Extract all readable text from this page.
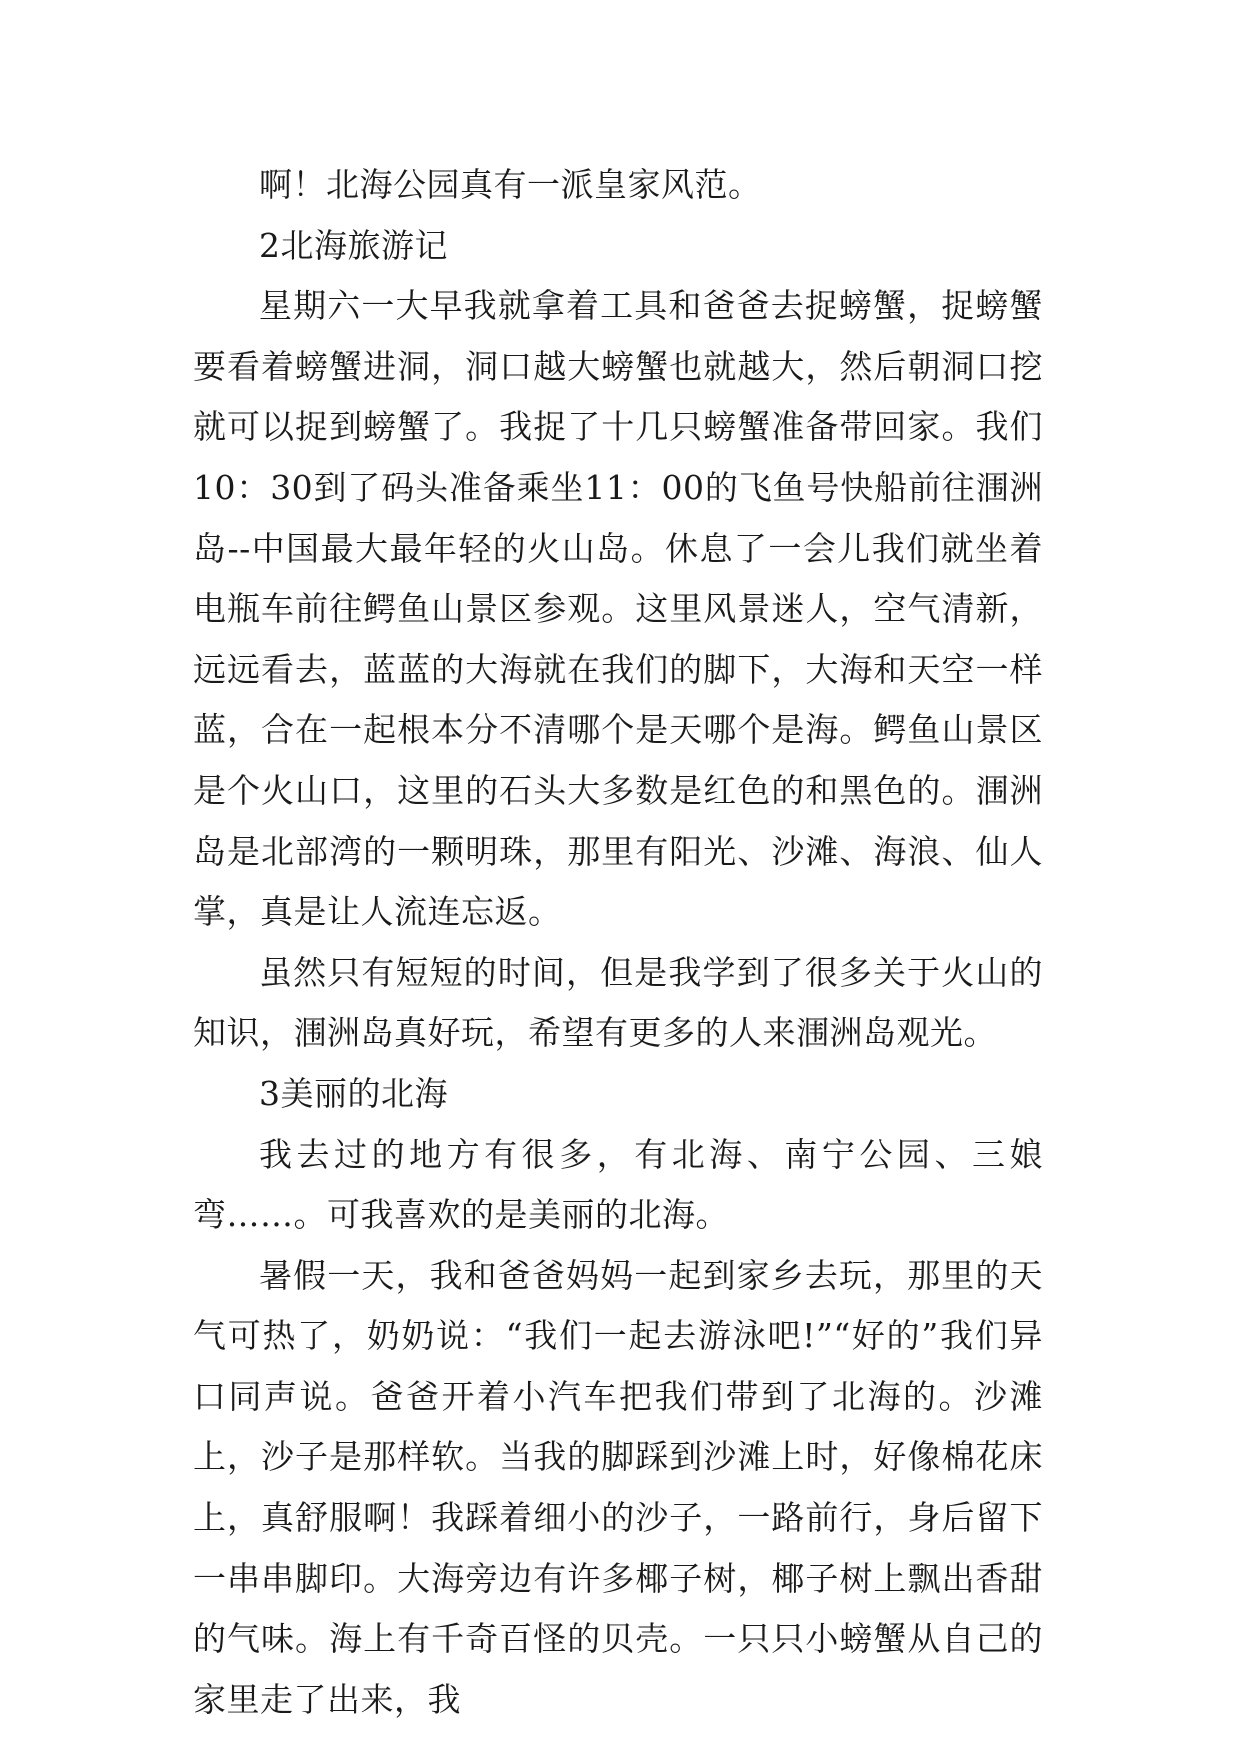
啊！北海公园真有一派皇家风范。

2北海旅游记

星期六一大早我就拿着工具和爸爸去捉螃蟹，捉螃蟹要看着螃蟹进洞，洞口越大螃蟹也就越大，然后朝洞口挖就可以捉到螃蟹了。我捉了十几只螃蟹准备带回家。我们10：30到了码头准备乘坐11：00的飞鱼号快船前往涠洲岛--中国最大最年轻的火山岛。休息了一会儿我们就坐着电瓶车前往鳄鱼山景区参观。这里风景迷人，空气清新，远远看去，蓝蓝的大海就在我们的脚下，大海和天空一样蓝，合在一起根本分不清哪个是天哪个是海。鳄鱼山景区是个火山口，这里的石头大多数是红色的和黑色的。涠洲岛是北部湾的一颗明珠，那里有阳光、沙滩、海浪、仙人掌，真是让人流连忘返。

虽然只有短短的时间，但是我学到了很多关于火山的知识，涠洲岛真好玩，希望有更多的人来涠洲岛观光。

3美丽的北海

我去过的地方有很多，有北海、南宁公园、三娘弯……。可我喜欢的是美丽的北海。

暑假一天，我和爸爸妈妈一起到家乡去玩，那里的天气可热了，奶奶说：“我们一起去游泳吧!”“好的”我们异口同声说。爸爸开着小汽车把我们带到了北海的。沙滩上，沙子是那样软。当我的脚踩到沙滩上时，好像棉花床上，真舒服啊！我踩着细小的沙子，一路前行，身后留下一串串脚印。大海旁边有许多椰子树，椰子树上飘出香甜的气味。海上有千奇百怪的贝壳。一只只小螃蟹从自己的家里走了出来，我
